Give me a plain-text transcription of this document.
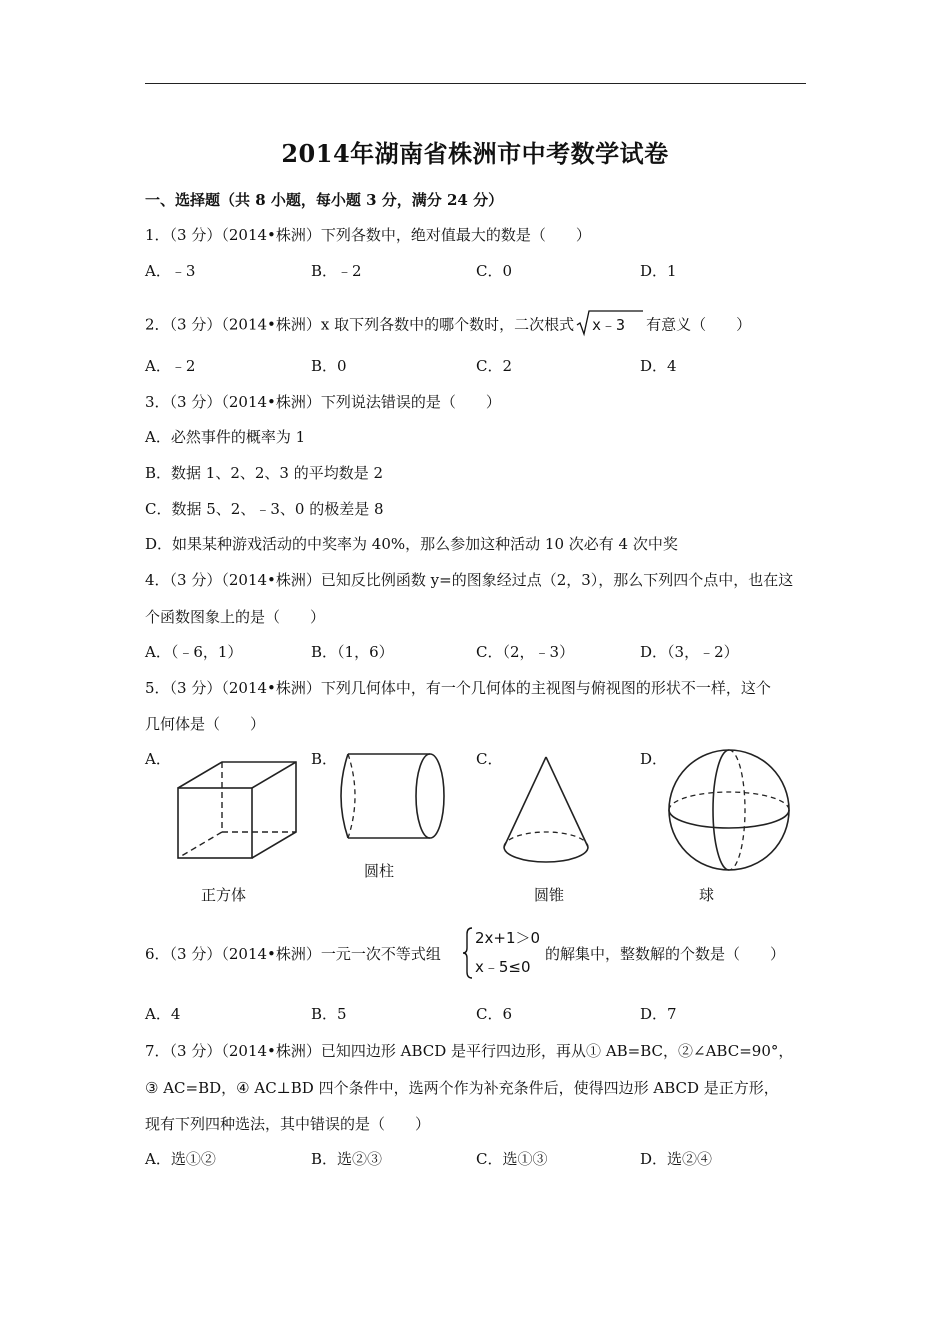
2014年湖南省株洲市中考数学试卷
一、选择题（共 8 小题，每小题 3 分，满分 24 分）
1．（3 分）（2014•株洲）下列各数中，绝对值最大的数是（　　）
A．﹣3	B．﹣2	C．0	D．1
2．（3 分）（2014•株洲）x 取下列各数中的哪个数时，二次根式 x﹣3 有意义（　　）
A．﹣2	B．0	C．2	D．4
3．（3 分）（2014•株洲）下列说法错误的是（　　）
A．必然事件的概率为 1
B．数据 1、2、2、3 的平均数是 2
C．数据 5、2、﹣3、0 的极差是 8
D．如果某种游戏活动的中奖率为 40%，那么参加这种活动 10 次必有 4 次中奖
4．（3 分）（2014•株洲）已知反比例函数 y=的图象经过点（2，3），那么下列四个点中，也在这
个函数图象上的是（　　）
A．（﹣6，1）	B．（1，6）	C．（2，﹣3）	D．（3，﹣2）
5．（3 分）（2014•株洲）下列几何体中，有一个几何体的主视图与俯视图的形状不一样，这个
几何体是（　　）
A．	B．	C．	D．
正方体
圆柱
圆锥	球
6．（3 分）（2014•株洲）一元一次不等式组
2x+1＞0
x﹣5≤0
的解集中，整数解的个数是（　　）
A．4	B．5	C．6	D．7
7．（3 分）（2014•株洲）已知四边形 ABCD 是平行四边形，再从① AB=BC，②∠ABC=90°，
③ AC=BD，④ AC⊥BD 四个条件中，选两个作为补充条件后，使得四边形 ABCD 是正方形，
现有下列四种选法，其中错误的是（　　）
A．选①②	B．选②③	C．选①③	D．选②④
